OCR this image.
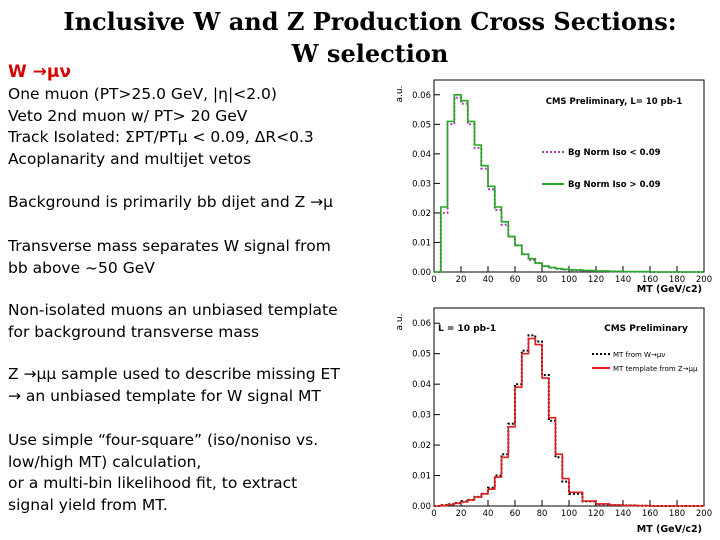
Inclusive W and Z Production Cross Sections:
W selection
W →μν
One muon (PT>25.0 GeV, |η|<2.0)
Veto 2nd muon w/ PT> 20 GeV
Track Isolated: ΣPT/PTμ < 0.09, ΔR<0.3
Acoplanarity and multijet vetos
Background is primarily bb dijet and Z →μ
Transverse mass separates W signal from
bb above ~50 GeV
Non-isolated muons an unbiased template
for background transverse mass
Z →μμ sample used to describe missing ET
→ an unbiased template for W signal MT
Use simple “four-square” (iso/noniso vs.
low/high MT) calculation,
or a multi-bin likelihood fit, to extract
signal yield from MT.
0 20 40 60 80 100 120 140 160 180 200
0.00
0.01
0.02
0.03
0.04
0.05
0.06
a.u.
MT (GeV/c2)
CMS Preliminary, L= 10 pb-1
Bg Norm Iso < 0.09
Bg Norm Iso > 0.09
0 20 40 60 80 100 120 140 160 180 200
0.00
0.01
0.02
0.03
0.04
0.05
0.06
a.u.
MT (GeV/c2)
L = 10 pb-1	CMS Preliminary
MT from W→μν
MT template from Z→μμ
